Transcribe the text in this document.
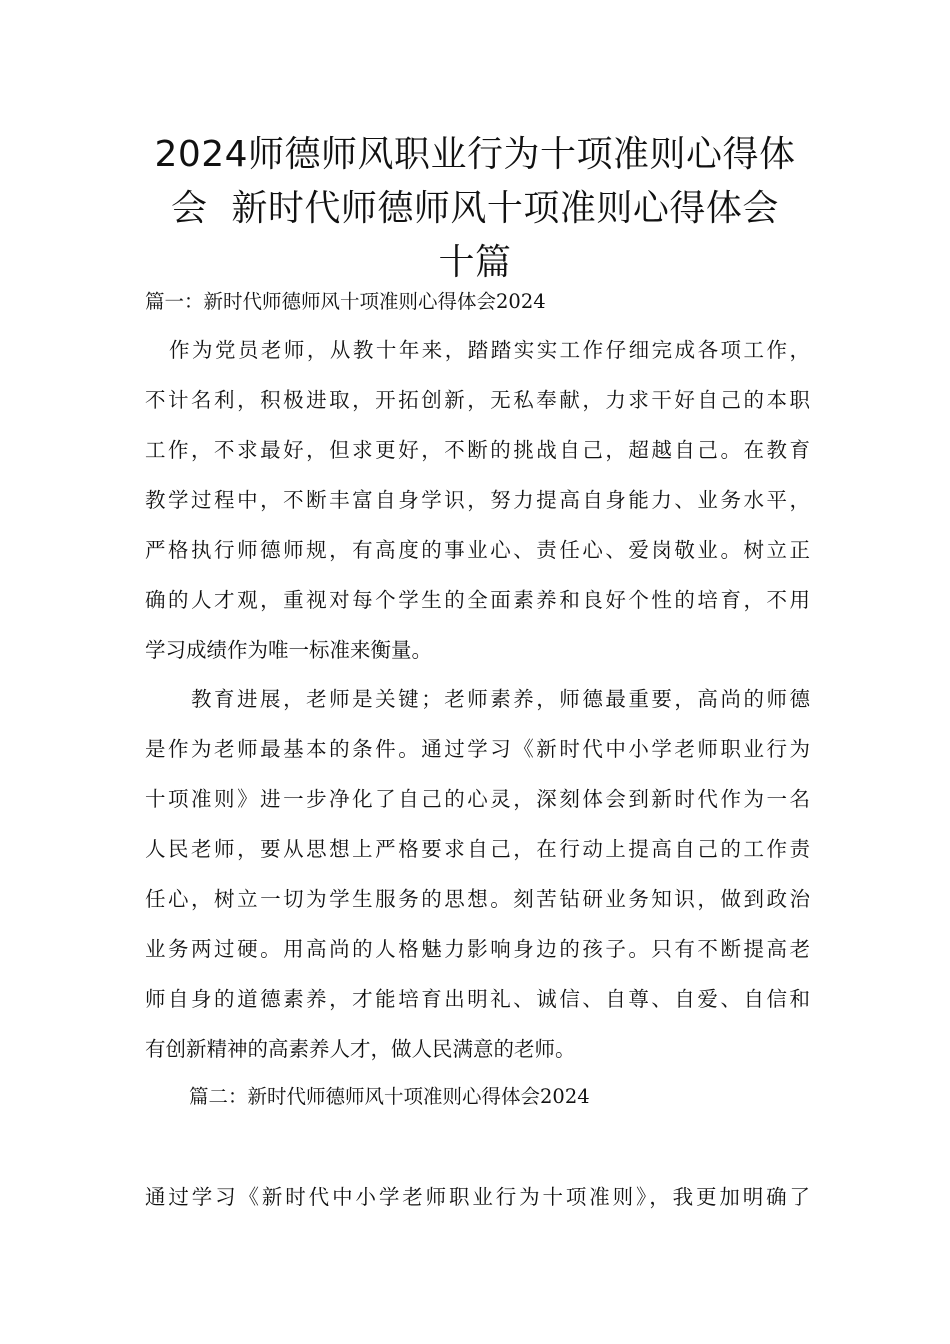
2024师德师风职业行为十项准则心得体
会  新时代师德师风十项准则心得体会
十篇

篇一：新时代师德师风十项准则心得体会2024

作为党员老师，从教十年来，踏踏实实工作仔细完成各项工作，
不计名利，积极进取，开拓创新，无私奉献，力求干好自己的本职
工作，不求最好，但求更好，不断的挑战自己，超越自己。在教育
教学过程中，不断丰富自身学识，努力提高自身能力、业务水平，
严格执行师德师规，有高度的事业心、责任心、爱岗敬业。树立正
确的人才观，重视对每个学生的全面素养和良好个性的培育，不用
学习成绩作为唯一标准来衡量。
教育进展，老师是关键；老师素养，师德最重要，高尚的师德
是作为老师最基本的条件。通过学习《新时代中小学老师职业行为
十项准则》进一步净化了自己的心灵，深刻体会到新时代作为一名
人民老师，要从思想上严格要求自己，在行动上提高自己的工作责
任心，树立一切为学生服务的思想。刻苦钻研业务知识，做到政治
业务两过硬。用高尚的人格魅力影响身边的孩子。只有不断提高老
师自身的道德素养，才能培育出明礼、诚信、自尊、自爱、自信和
有创新精神的高素养人才，做人民满意的老师。

篇二：新时代师德师风十项准则心得体会2024

通过学习《新时代中小学老师职业行为十项准则》，我更加明确了
